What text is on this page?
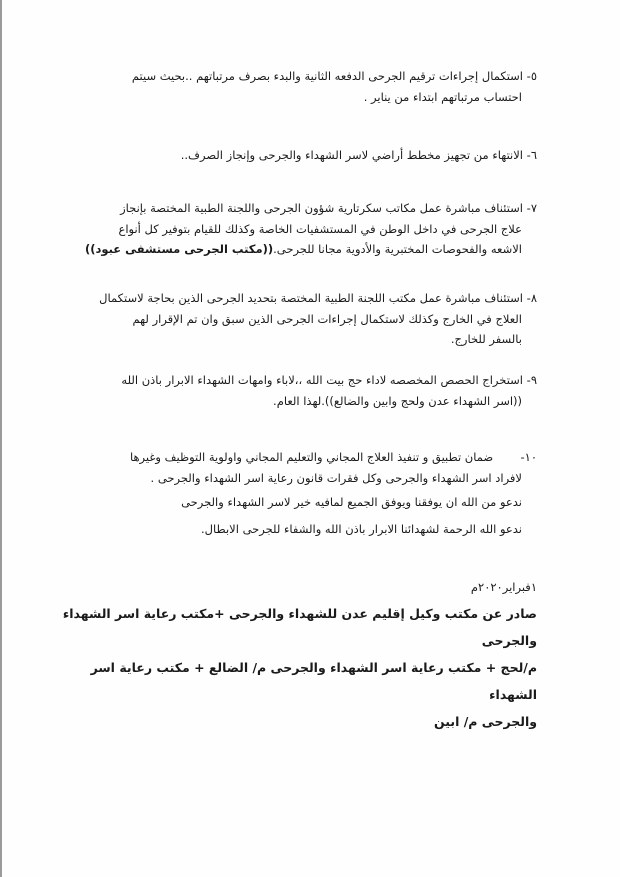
٥- استكمال إجراءات ترقيم الجرحى الدفعه الثانية والبدء بصرف مرتباتهم ..بحيث سيتم
احتساب مرتباتهم ابتداء من يناير .
٦- الانتهاء من تجهيز مخطط أراضي لاسر الشهداء والجرحى وإنجاز الصرف..
٧- استئناف مباشرة عمل مكاتب سكرتارية شؤون الجرحى واللجنة الطبية المختصة بإنجاز
علاج الجرحى في داخل الوطن في المستشفيات الخاصة وكذلك للقيام بتوفير كل أنواع
الاشعه والفحوصات المختبرية والأدوية مجانا للجرحى.((مكتب الجرحى مستشفى عبود))
٨- استئناف مباشرة عمل مكتب اللجنة الطبية المختصة بتحديد الجرحى الذين بحاجة لاستكمال
العلاج في الخارج وكذلك لاستكمال إجراءات الجرحى الذين سبق وان تم الإقرار لهم
بالسفر للخارج.
٩- استخراج الحصص المخصصه لاداء حج بيت الله ،،لاباء وامهات الشهداء الابرار باذن الله
((اسر الشهداء عدن ولحج وابين والضالع)).لهذا العام.
١٠-  ضمان تطبيق و تنفيذ العلاج المجاني والتعليم المجاني واولوية التوظيف وغيرها
لافراد اسر الشهداء والجرحى وكل فقرات قانون رعاية اسر الشهداء والجرحى .
ندعو من الله ان يوفقنا ويوفق الجميع لمافيه خير لاسر الشهداء والجرحى
ندعو الله الرحمة لشهدائنا الابرار باذن الله والشفاء للجرحى الابطال.
١فبراير٢٠٢٠م
صادر عن مكتب وكيل إقليم عدن للشهداء والجرحى +مكتب رعاية اسر الشهداء والجرحى
م/لحج + مكتب رعاية اسر الشهداء والجرحى م/ الضالع + مكتب رعاية اسر الشهداء
والجرحى م/ ابين
